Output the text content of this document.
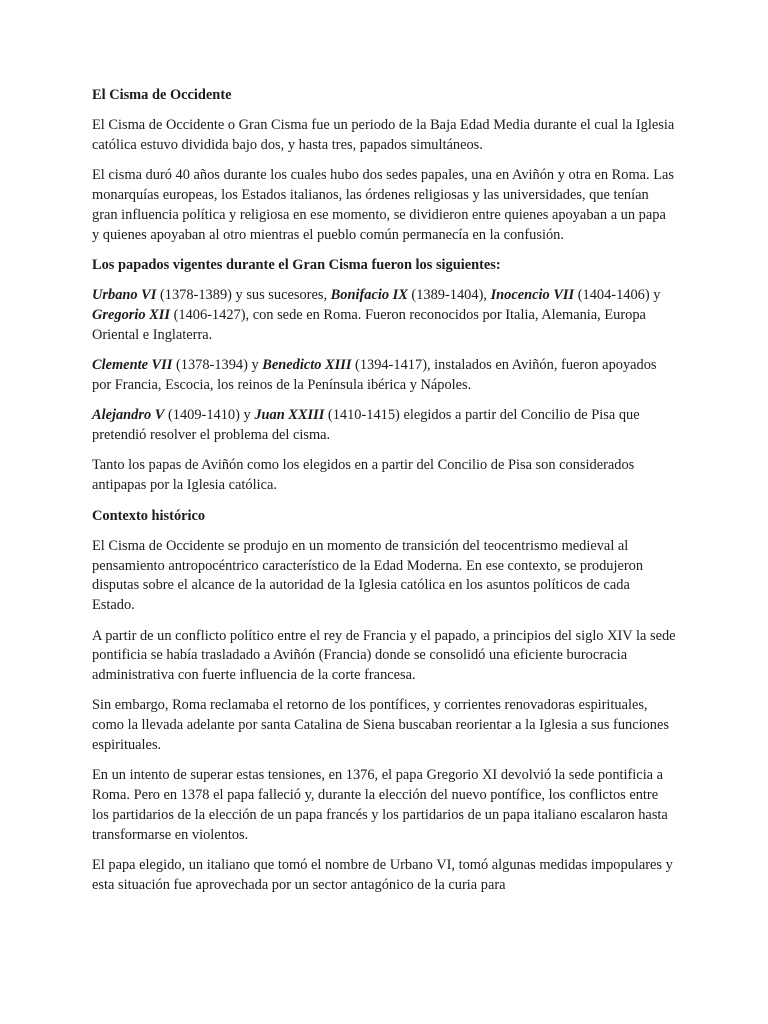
El Cisma de Occidente

El Cisma de Occidente o Gran Cisma fue un periodo de la Baja Edad Media durante el cual la Iglesia católica estuvo dividida bajo dos, y hasta tres, papados simultáneos.

El cisma duró 40 años durante los cuales hubo dos sedes papales, una en Aviñón y otra en Roma. Las monarquías europeas, los Estados italianos, las órdenes religiosas y las universidades, que tenían gran influencia política y religiosa en ese momento, se dividieron entre quienes apoyaban a un papa y quienes apoyaban al otro mientras el pueblo común permanecía en la confusión.

Los papados vigentes durante el Gran Cisma fueron los siguientes:

Urbano VI (1378-1389) y sus sucesores, Bonifacio IX (1389-1404), Inocencio VII (1404-1406) y Gregorio XII (1406-1427), con sede en Roma. Fueron reconocidos por Italia, Alemania, Europa Oriental e Inglaterra.

Clemente VII (1378-1394) y Benedicto XIII (1394-1417), instalados en Aviñón, fueron apoyados por Francia, Escocia, los reinos de la Península ibérica y Nápoles.

Alejandro V (1409-1410) y Juan XXIII (1410-1415) elegidos a partir del Concilio de Pisa que pretendió resolver el problema del cisma.

Tanto los papas de Aviñón como los elegidos en a partir del Concilio de Pisa son considerados antipapas por la Iglesia católica.

Contexto histórico

El Cisma de Occidente se produjo en un momento de transición del teocentrismo medieval al pensamiento antropocéntrico característico de la Edad Moderna. En ese contexto, se produjeron disputas sobre el alcance de la autoridad de la Iglesia católica en los asuntos políticos de cada Estado.

A partir de un conflicto político entre el rey de Francia y el papado, a principios del siglo XIV la sede pontificia se había trasladado a Aviñón (Francia) donde se consolidó una eficiente burocracia administrativa con fuerte influencia de la corte francesa.

Sin embargo, Roma reclamaba el retorno de los pontífices, y corrientes renovadoras espirituales, como la llevada adelante por santa Catalina de Siena buscaban reorientar a la Iglesia a sus funciones espirituales.

En un intento de superar estas tensiones, en 1376, el papa Gregorio XI devolvió la sede pontificia a Roma. Pero en 1378 el papa falleció y, durante la elección del nuevo pontífice, los conflictos entre los partidarios de la elección de un papa francés y los partidarios de un papa italiano escalaron hasta transformarse en violentos.

El papa elegido, un italiano que tomó el nombre de Urbano VI, tomó algunas medidas impopulares y esta situación fue aprovechada por un sector antagónico de la curia para
